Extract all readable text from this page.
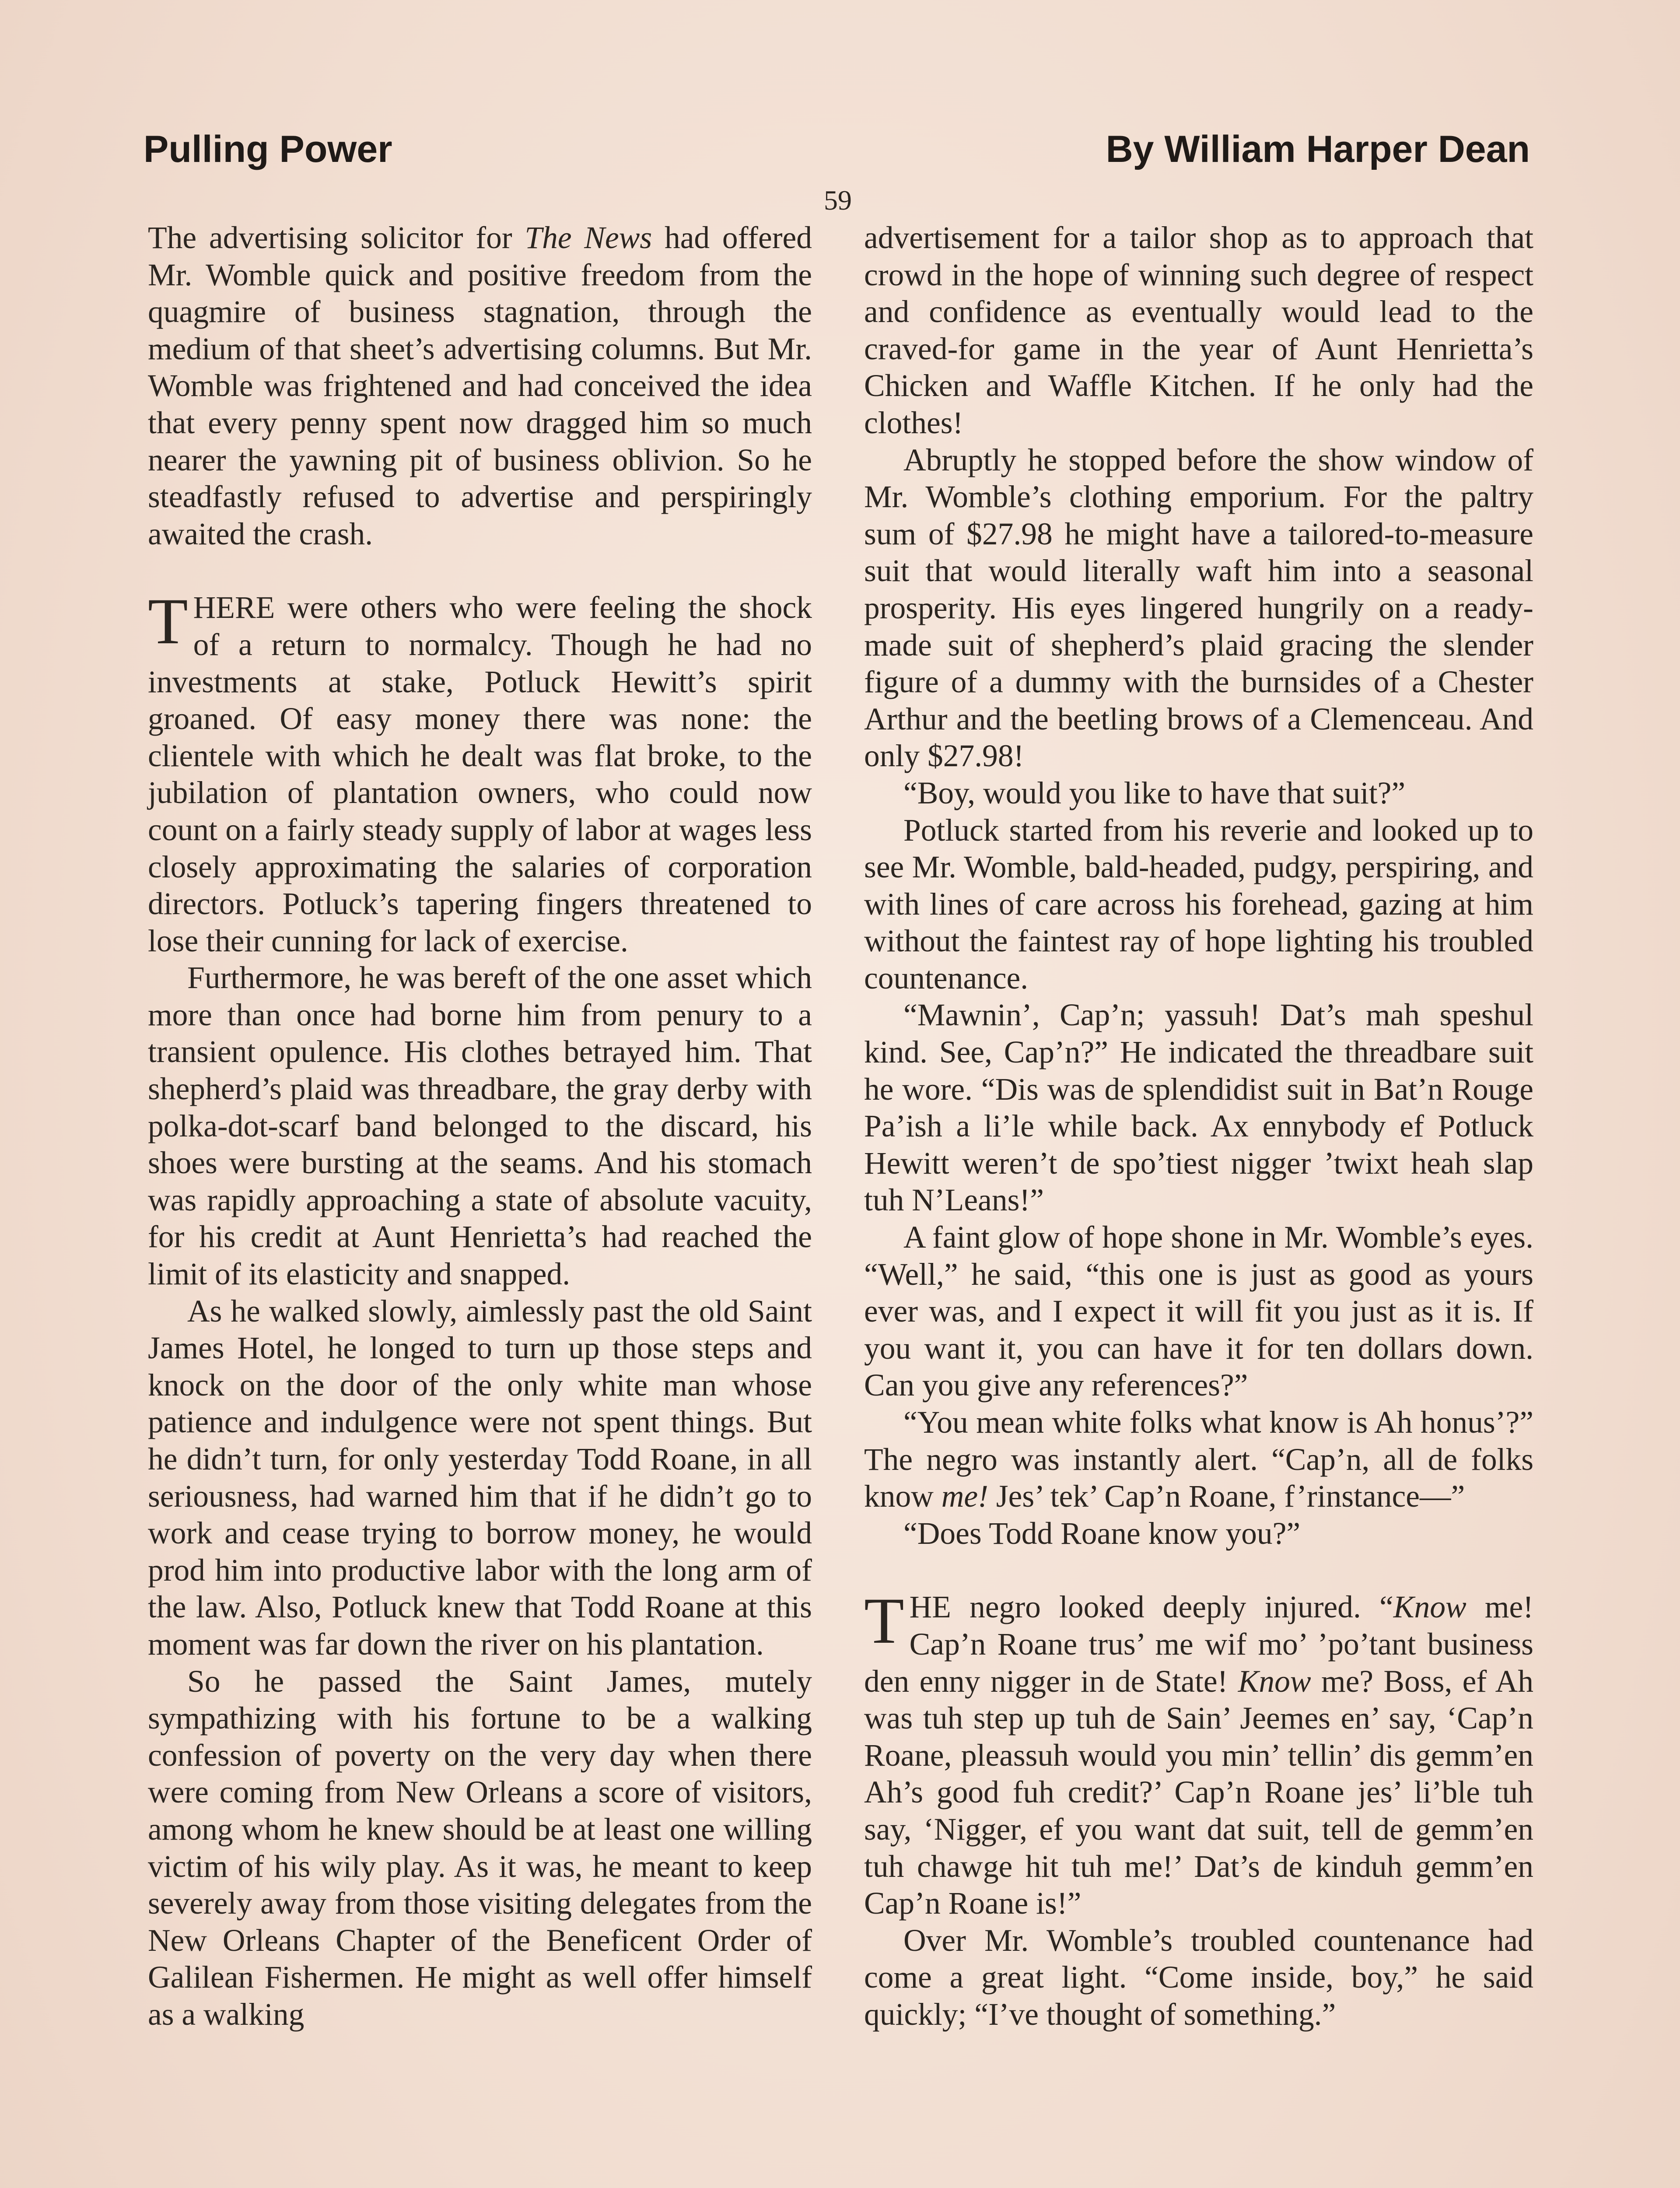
Pulling Power	By William Harper Dean
59

The advertising solicitor for The News had offered Mr. Womble quick and positive freedom from the quagmire of business stagnation, through the medium of that sheet’s advertising columns. But Mr. Womble was frightened and had conceived the idea that every penny spent now dragged him so much nearer the yawning pit of business oblivion. So he steadfastly refused to advertise and perspiringly awaited the crash.

THERE were others who were feeling the shock of a return to normalcy. Though he had no investments at stake, Potluck Hewitt’s spirit groaned. Of easy money there was none: the clientele with which he dealt was flat broke, to the jubilation of plantation owners, who could now count on a fairly steady supply of labor at wages less closely approximating the salaries of corporation directors. Potluck’s tapering fingers threatened to lose their cunning for lack of exercise.

Furthermore, he was bereft of the one asset which more than once had borne him from penury to a transient opulence. His clothes betrayed him. That shepherd’s plaid was threadbare, the gray derby with polka-dot-scarf band belonged to the discard, his shoes were bursting at the seams. And his stomach was rapidly approaching a state of absolute vacuity, for his credit at Aunt Henrietta’s had reached the limit of its elasticity and snapped.

As he walked slowly, aimlessly past the old Saint James Hotel, he longed to turn up those steps and knock on the door of the only white man whose patience and indulgence were not spent things. But he didn’t turn, for only yesterday Todd Roane, in all seriousness, had warned him that if he didn’t go to work and cease trying to borrow money, he would prod him into productive labor with the long arm of the law. Also, Potluck knew that Todd Roane at this moment was far down the river on his plantation.

So he passed the Saint James, mutely sympathizing with his fortune to be a walking confession of poverty on the very day when there were coming from New Orleans a score of visitors, among whom he knew should be at least one willing victim of his wily play. As it was, he meant to keep severely away from those visiting delegates from the New Orleans Chapter of the Beneficent Order of Galilean Fishermen. He might as well offer himself as a walking

advertisement for a tailor shop as to approach that crowd in the hope of winning such degree of respect and confidence as eventually would lead to the craved-for game in the year of Aunt Henrietta’s Chicken and Waffle Kitchen. If he only had the clothes!

Abruptly he stopped before the show window of Mr. Womble’s clothing emporium. For the paltry sum of $27.98 he might have a tailored-to-measure suit that would literally waft him into a seasonal prosperity. His eyes lingered hungrily on a ready-made suit of shepherd’s plaid gracing the slender figure of a dummy with the burnsides of a Chester Arthur and the beetling brows of a Clemenceau. And only $27.98!

“Boy, would you like to have that suit?”

Potluck started from his reverie and looked up to see Mr. Womble, bald-headed, pudgy, perspiring, and with lines of care across his forehead, gazing at him without the faintest ray of hope lighting his troubled countenance.

“Mawnin’, Cap’n; yassuh! Dat’s mah speshul kind. See, Cap’n?” He indicated the threadbare suit he wore. “Dis was de splendidist suit in Bat’n Rouge Pa’ish a li’le while back. Ax ennybody ef Potluck Hewitt weren’t de spo’tiest nigger ’twixt heah slap tuh N’Leans!”

A faint glow of hope shone in Mr. Womble’s eyes. “Well,” he said, “this one is just as good as yours ever was, and I expect it will fit you just as it is. If you want it, you can have it for ten dollars down. Can you give any references?”

“You mean white folks what know is Ah honus’?” The negro was instantly alert. “Cap’n, all de folks know me! Jes’ tek’ Cap’n Roane, f’rinstance—”

“Does Todd Roane know you?”

THE negro looked deeply injured. “Know me! Cap’n Roane trus’ me wif mo’ ’po’tant business den enny nigger in de State! Know me? Boss, ef Ah was tuh step up tuh de Sain’ Jeemes en’ say, ‘Cap’n Roane, pleassuh would you min’ tellin’ dis gemm’en Ah’s good fuh credit?’ Cap’n Roane jes’ li’ble tuh say, ‘Nigger, ef you want dat suit, tell de gemm’en tuh chawge hit tuh me!’ Dat’s de kinduh gemm’en Cap’n Roane is!”

Over Mr. Womble’s troubled countenance had come a great light. “Come inside, boy,” he said quickly; “I’ve thought of something.”
